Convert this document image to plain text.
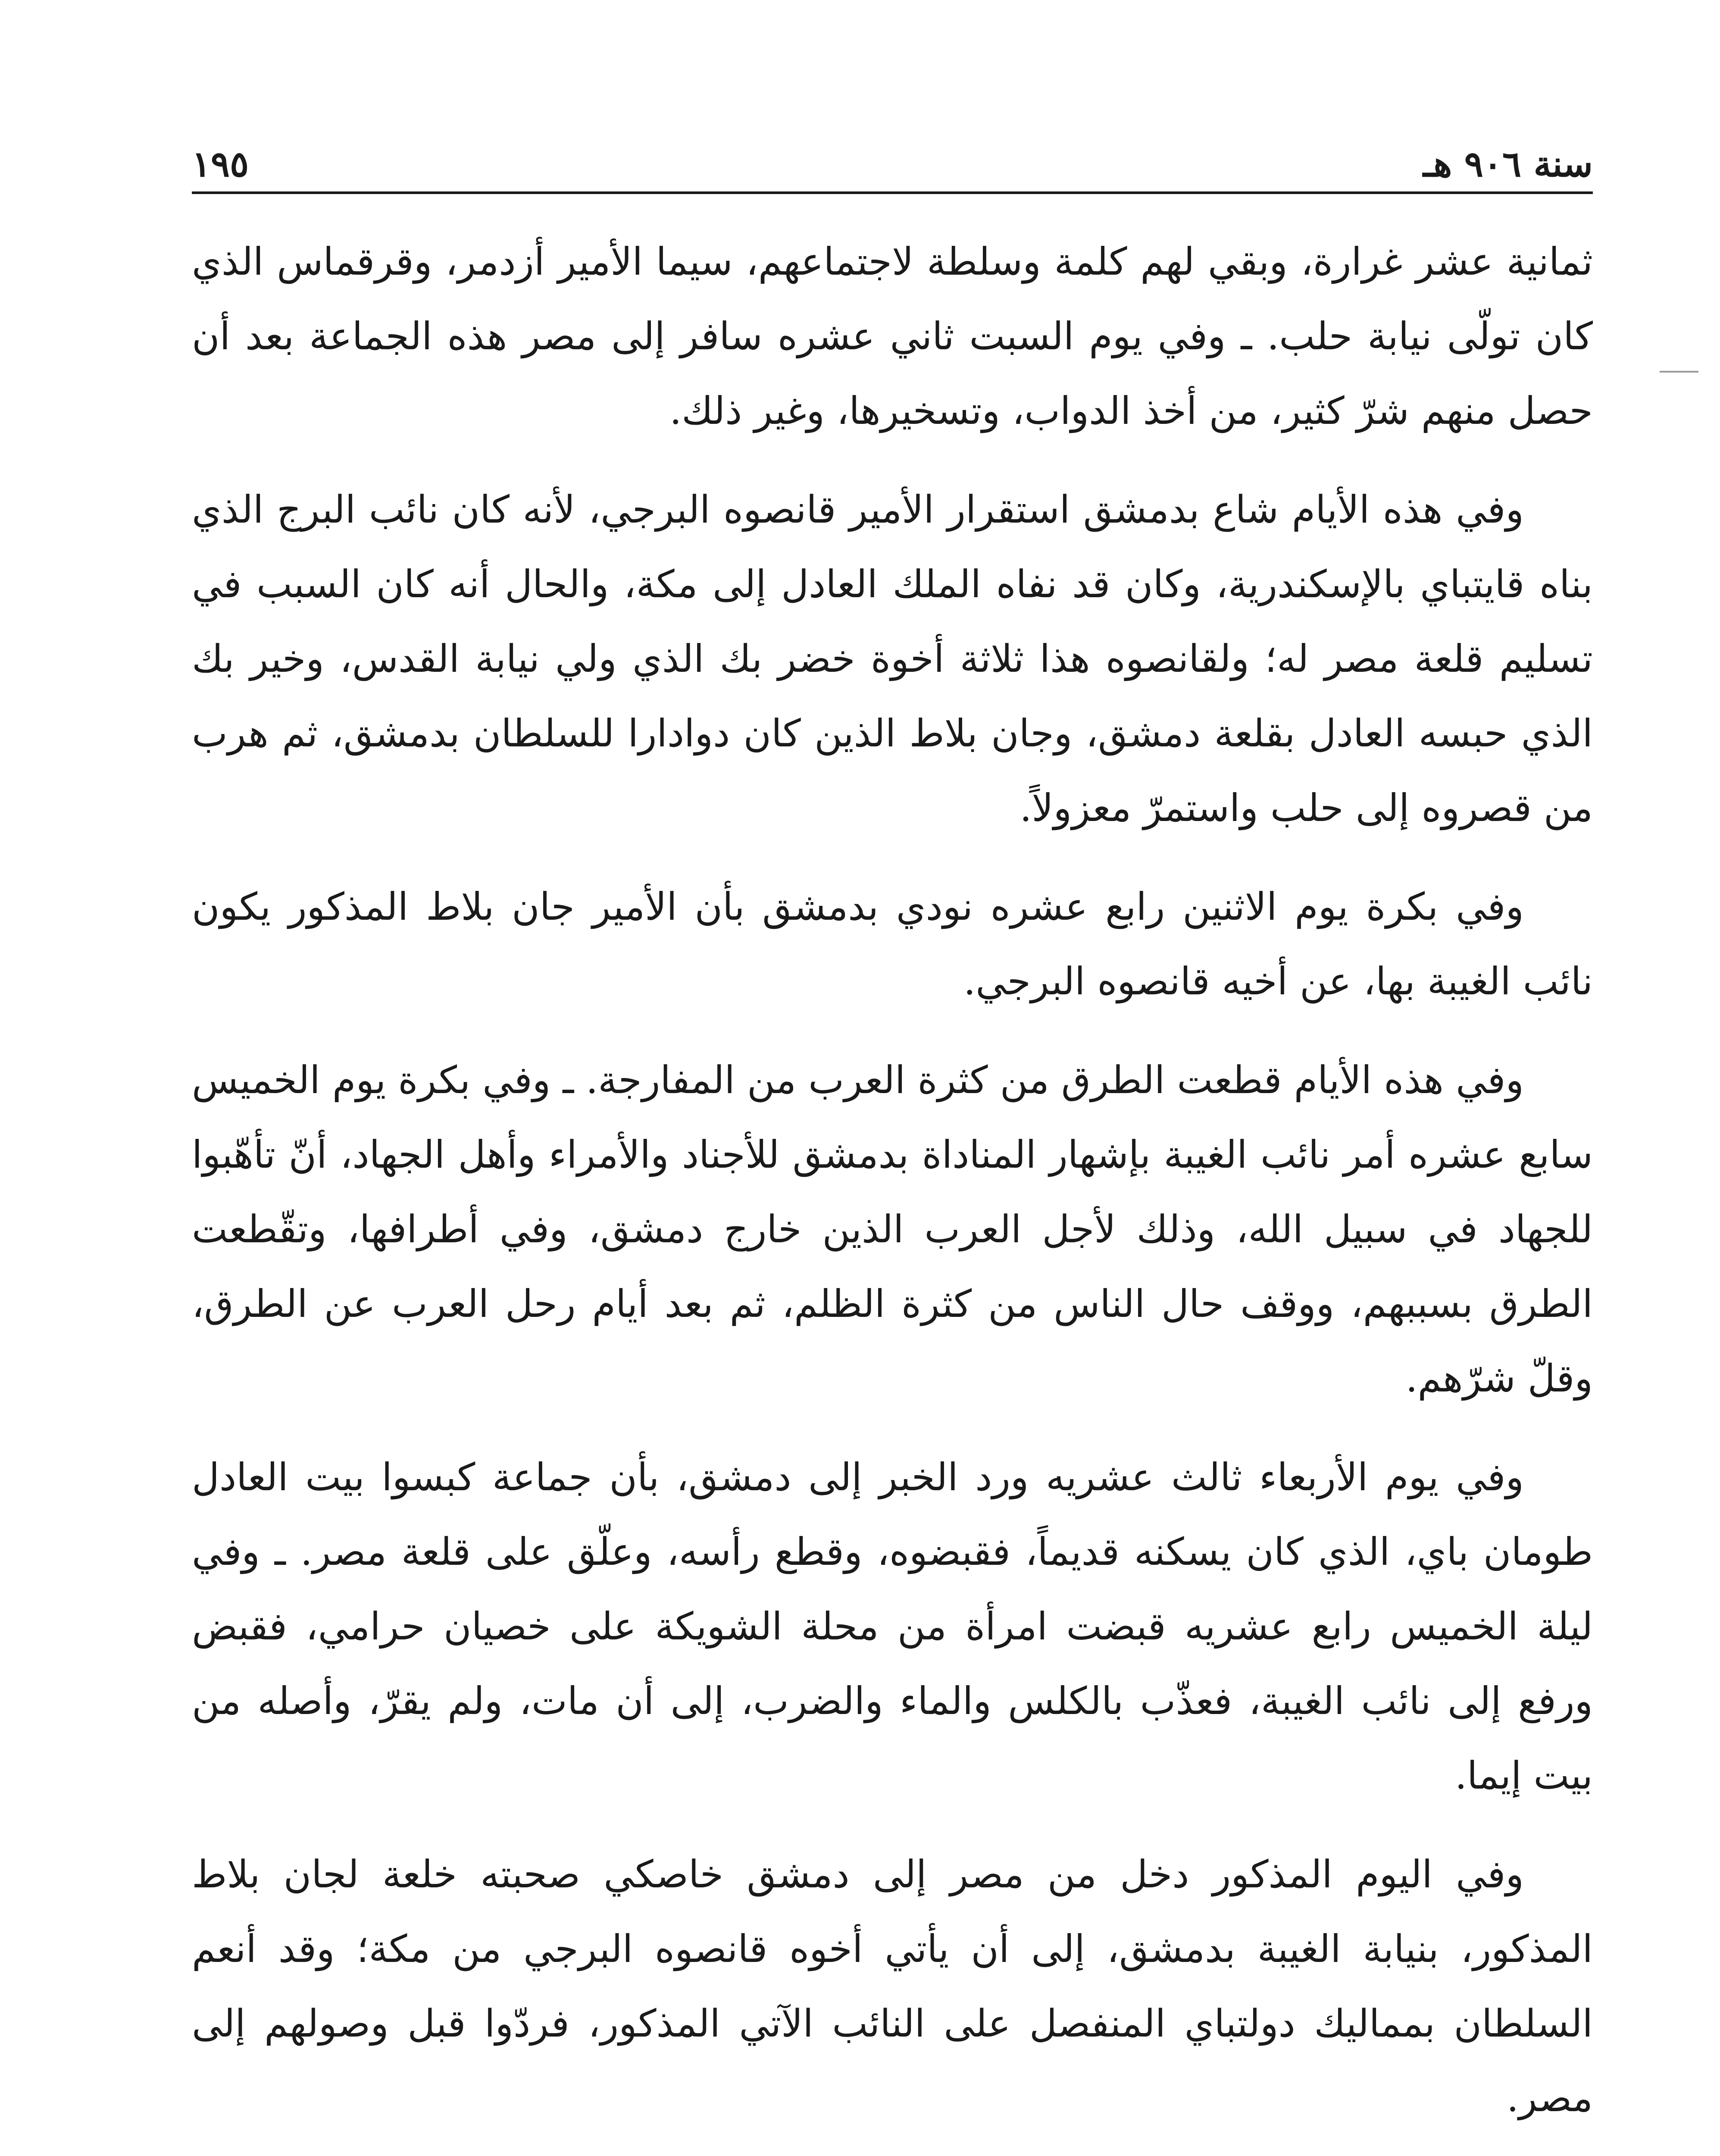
سنة ٩٠٦ هـ
١٩٥

ثمانية عشر غرارة، وبقي لهم كلمة وسلطة لاجتماعهم، سيما الأمير أزدمر، وقرقماس الذي كان تولّى نيابة حلب. ـ وفي يوم السبت ثاني عشره سافر إلى مصر هذه الجماعة بعد أن حصل منهم شرّ كثير، من أخذ الدواب، وتسخيرها، وغير ذلك.

وفي هذه الأيام شاع بدمشق استقرار الأمير قانصوه البرجي، لأنه كان نائب البرج الذي بناه قايتباي بالإسكندرية، وكان قد نفاه الملك العادل إلى مكة، والحال أنه كان السبب في تسليم قلعة مصر له؛ ولقانصوه هذا ثلاثة أخوة خضر بك الذي ولي نيابة القدس، وخير بك الذي حبسه العادل بقلعة دمشق، وجان بلاط الذين كان دوادارا للسلطان بدمشق، ثم هرب من قصروه إلى حلب واستمرّ معزولاً.

وفي بكرة يوم الاثنين رابع عشره نودي بدمشق بأن الأمير جان بلاط المذكور يكون نائب الغيبة بها، عن أخيه قانصوه البرجي.

وفي هذه الأيام قطعت الطرق من كثرة العرب من المفارجة. ـ وفي بكرة يوم الخميس سابع عشره أمر نائب الغيبة بإشهار المناداة بدمشق للأجناد والأمراء وأهل الجهاد، أنّ تأهّبوا للجهاد في سبيل الله، وذلك لأجل العرب الذين خارج دمشق، وفي أطرافها، وتقّطعت الطرق بسببهم، ووقف حال الناس من كثرة الظلم، ثم بعد أيام رحل العرب عن الطرق، وقلّ شرّهم.

وفي يوم الأربعاء ثالث عشريه ورد الخبر إلى دمشق، بأن جماعة كبسوا بيت العادل طومان باي، الذي كان يسكنه قديماً، فقبضوه، وقطع رأسه، وعلّق على قلعة مصر. ـ وفي ليلة الخميس رابع عشريه قبضت امرأة من محلة الشويكة على خصيان حرامي، فقبض ورفع إلى نائب الغيبة، فعذّب بالكلس والماء والضرب، إلى أن مات، ولم يقرّ، وأصله من بيت إيما.

وفي اليوم المذكور دخل من مصر إلى دمشق خاصكي صحبته خلعة لجان بلاط المذكور، بنيابة الغيبة بدمشق، إلى أن يأتي أخوه قانصوه البرجي من مكة؛ وقد أنعم السلطان بمماليك دولتباي المنفصل على النائب الآتي المذكور، فردّوا قبل وصولهم إلى مصر.
